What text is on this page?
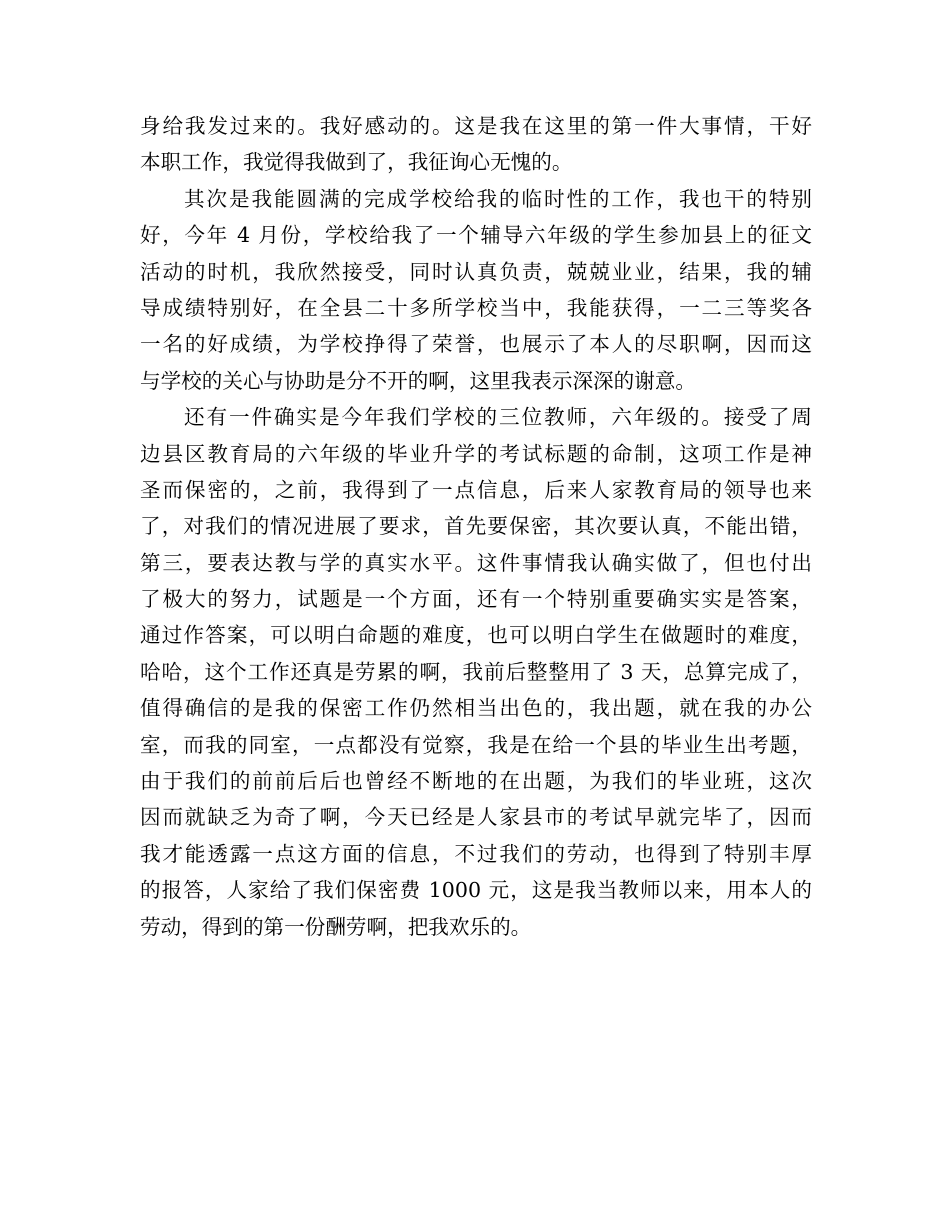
身给我发过来的。我好感动的。这是我在这里的第一件大事情，干好
本职工作，我觉得我做到了，我征询心无愧的。
其次是我能圆满的完成学校给我的临时性的工作，我也干的特别
好，今年 4 月份，学校给我了一个辅导六年级的学生参加县上的征文
活动的时机，我欣然接受，同时认真负责，兢兢业业，结果，我的辅
导成绩特别好，在全县二十多所学校当中，我能获得，一二三等奖各
一名的好成绩，为学校挣得了荣誉，也展示了本人的尽职啊，因而这
与学校的关心与协助是分不开的啊，这里我表示深深的谢意。
还有一件确实是今年我们学校的三位教师，六年级的。接受了周
边县区教育局的六年级的毕业升学的考试标题的命制，这项工作是神
圣而保密的，之前，我得到了一点信息，后来人家教育局的领导也来
了，对我们的情况进展了要求，首先要保密，其次要认真，不能出错，
第三，要表达教与学的真实水平。这件事情我认确实做了，但也付出
了极大的努力，试题是一个方面，还有一个特别重要确实实是答案，
通过作答案，可以明白命题的难度，也可以明白学生在做题时的难度，
哈哈，这个工作还真是劳累的啊，我前后整整用了 3 天，总算完成了，
值得确信的是我的保密工作仍然相当出色的，我出题，就在我的办公
室，而我的同室，一点都没有觉察，我是在给一个县的毕业生出考题，
由于我们的前前后后也曾经不断地的在出题，为我们的毕业班，这次
因而就缺乏为奇了啊，今天已经是人家县市的考试早就完毕了，因而
我才能透露一点这方面的信息，不过我们的劳动，也得到了特别丰厚
的报答，人家给了我们保密费 1000 元，这是我当教师以来，用本人的
劳动，得到的第一份酬劳啊，把我欢乐的。
